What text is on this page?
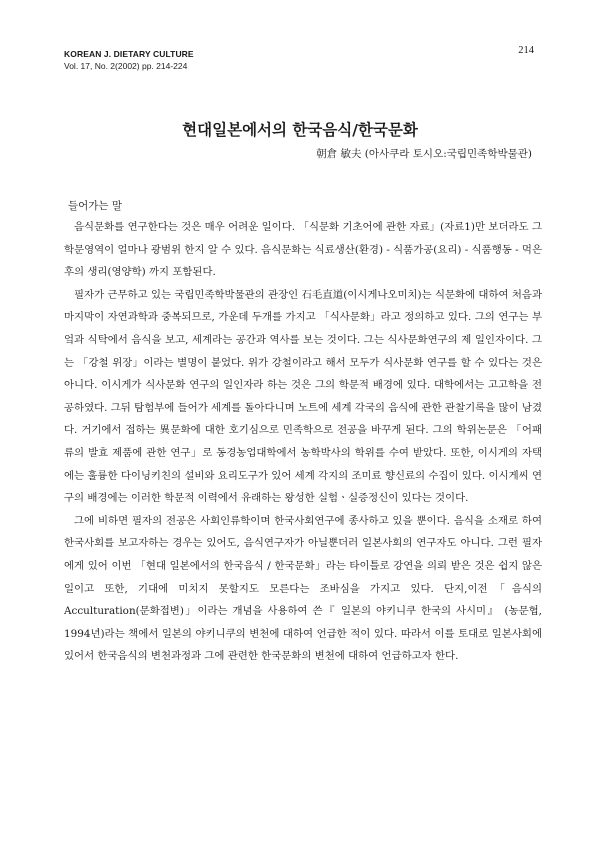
KOREAN J. DIETARY CULTURE
Vol. 17, No. 2(2002) pp. 214-224
214
현대일본에서의 한국음식/한국문화
朝倉 敏夫 (아사쿠라 토시오:국립민족학박물관)
들어가는 말

음식문화를 연구한다는 것은 매우 어려운 일이다. 「식문화 기초어에 관한 자료」(자료1)만 보더라도 그 학문영역이 얼마나 광범위 한지 알 수 있다. 음식문화는 식료생산(환경) - 식품가공(요리) - 식품행동 - 먹은 후의 생리(영양학) 까지 포함된다.

필자가 근무하고 있는 국립민족학박물관의 관장인 石毛直道(이시게나오미치)는 식문화에 대하여 처음과 마지막이 자연과학과 중복되므로, 가운데 두개를 가지고 「식사문화」라고 정의하고 있다. 그의 연구는 부엌과 식탁에서 음식을 보고, 세계라는 공간과 역사를 보는 것이다. 그는 식사문화연구의 제 일인자이다. 그는 「강철 위장」이라는 별명이 붙었다. 위가 강철이라고 해서 모두가 식사문화 연구를 할 수 있다는 것은 아니다. 이시게가 식사문화 연구의 일인자라 하는 것은 그의 학문적 배경에 있다. 대학에서는 고고학을 전공하였다. 그뒤 탐험부에 들어가 세계를 돌아다니며 노트에 세계 각국의 음식에 관한 관찰기록을 많이 남겼다. 거기에서 접하는 異문화에 대한 호기심으로 민족학으로 전공을 바꾸게 된다. 그의 학위논문은 「어패류의 발효 제품에 관한 연구」로 동경농업대학에서 농학박사의 학위를 수여 받았다. 또한, 이시게의 자택에는 훌륭한 다이닝키친의 설비와 요리도구가 있어 세계 각지의 조미료 향신료의 수집이 있다. 이시게씨 연구의 배경에는 이러한 학문적 이력에서 유래하는 왕성한 실험ㆍ실증정신이 있다는 것이다.

그에 비하면 필자의 전공은 사회인류학이며 한국사회연구에 종사하고 있을 뿐이다. 음식을 소재로 하여 한국사회를 보고자하는 경우는 있어도, 음식연구자가 아닐뿐더러 일본사회의 연구자도 아니다. 그런 필자에게 있어 이번 「현대 일본에서의 한국음식 / 한국문화」라는 타이틀로 강연을 의뢰 받은 것은 쉽지 않은 일이고 또한, 기대에 미치지 못할지도 모른다는 조바심을 가지고 있다. 단지,이전「음식의 Acculturation(문화접변)」이라는 개념을 사용하여 쓴『 일본의 야키니쿠 한국의 사시미』 (농문협, 1994년)라는 책에서 일본의 야키니쿠의 변천에 대하여 언급한 적이 있다. 따라서 이를 토대로 일본사회에 있어서 한국음식의 변천과정과 그에 관련한 한국문화의 변천에 대하여 언급하고자 한다.
